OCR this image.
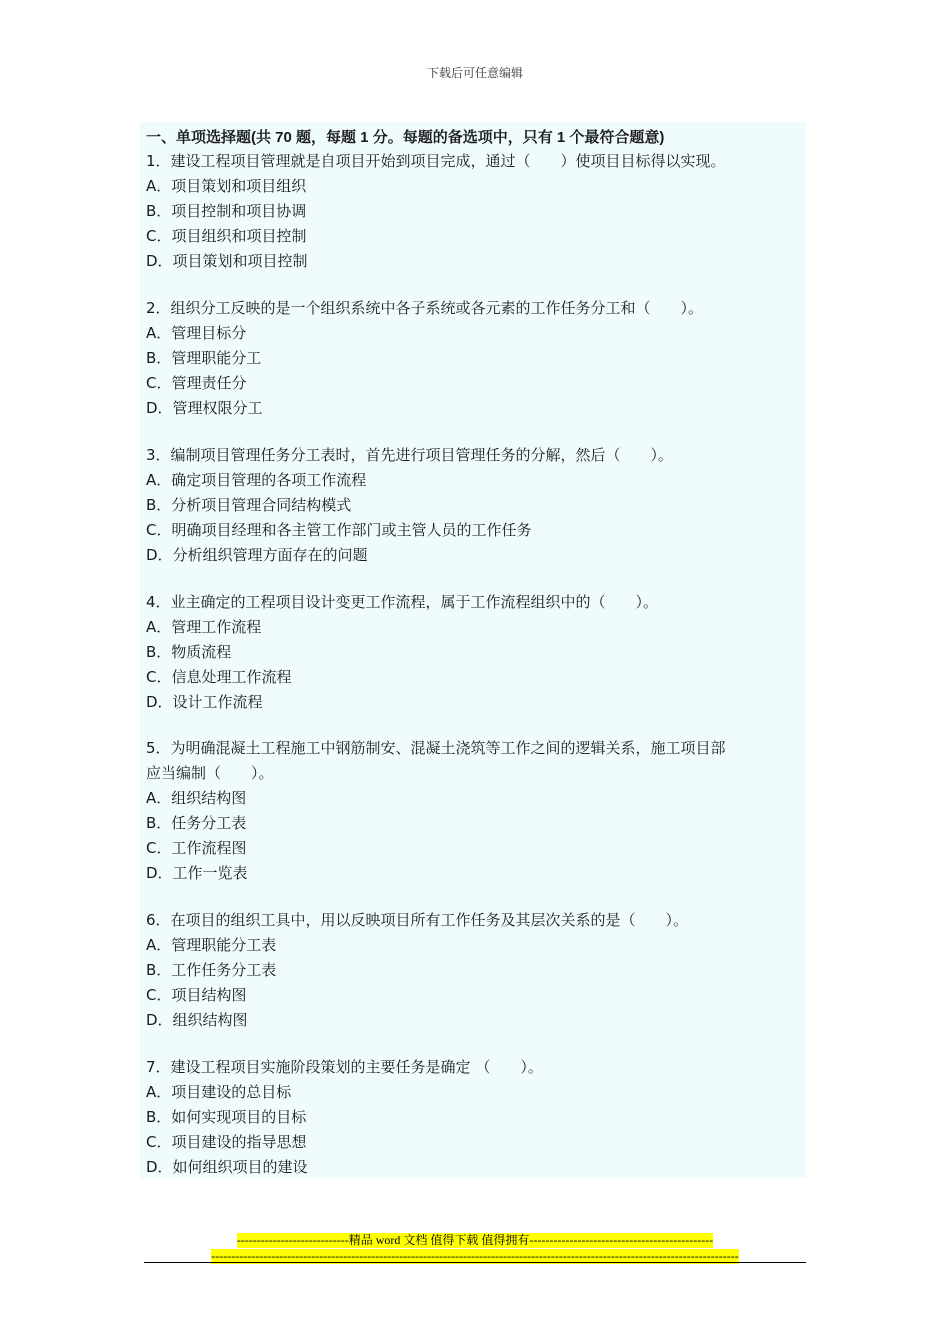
下载后可任意编辑
一、单项选择题(共 70 题，每题 1 分。每题的备选项中，只有 1 个最符合题意)
1．建设工程项目管理就是自项目开始到项目完成，通过（　　）使项目目标得以实现。
A．项目策划和项目组织
B．项目控制和项目协调
C．项目组织和项目控制
D．项目策划和项目控制
2．组织分工反映的是一个组织系统中各子系统或各元素的工作任务分工和（　　）。
A．管理目标分
B．管理职能分工
C．管理责任分
D．管理权限分工
3．编制项目管理任务分工表时，首先进行项目管理任务的分解，然后（　　）。
A．确定项目管理的各项工作流程
B．分析项目管理合同结构模式
C．明确项目经理和各主管工作部门或主管人员的工作任务
D．分析组织管理方面存在的问题
4．业主确定的工程项目设计变更工作流程，属于工作流程组织中的（　　）。
A．管理工作流程
B．物质流程
C．信息处理工作流程
D．设计工作流程
5．为明确混凝土工程施工中钢筋制安、混凝土浇筑等工作之间的逻辑关系，施工项目部
应当编制（　　）。
A．组织结构图
B．任务分工表
C．工作流程图
D．工作一览表
6．在项目的组织工具中，用以反映项目所有工作任务及其层次关系的是（　　）。
A．管理职能分工表
B．工作任务分工表
C．项目结构图
D．组织结构图
7．建设工程项目实施阶段策划的主要任务是确定 （　　）。
A．项目建设的总目标
B．如何实现项目的目标
C．项目建设的指导思想
D．如何组织项目的建设
----------------------------精品 word 文档 值得下载 值得拥有----------------------------------------------
------------------------------------------------------------------------------------------------------------------------------------
